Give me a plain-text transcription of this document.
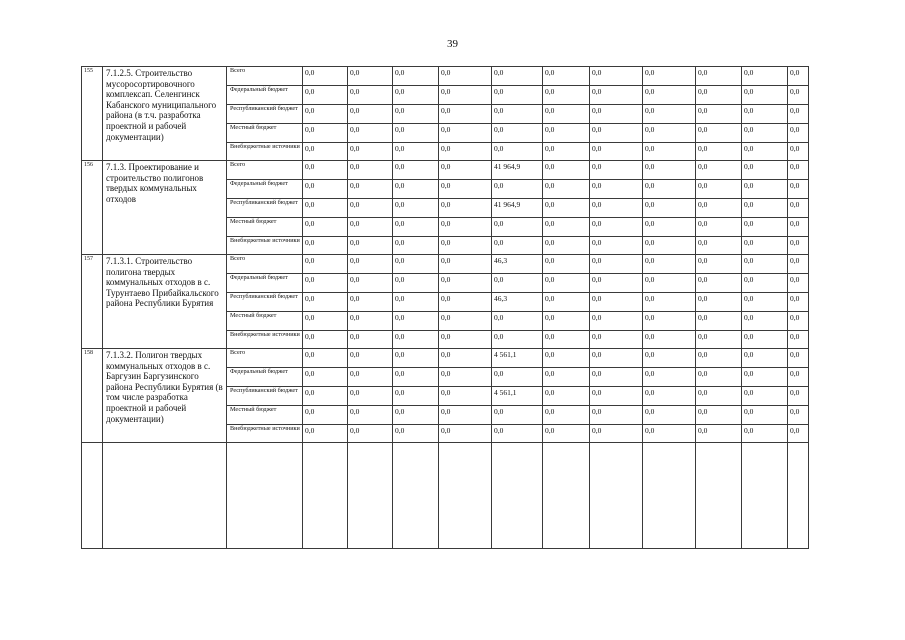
39
155	7.1.2.5. Строительство мусоросортировочного комплексап. Селенгинск Кабанского муниципального района (в т.ч. разработка проектной и рабочей документации)	Всего	0,0	0,0	0,0	0,0	0,0	0,0	0,0	0,0	0,0	0,0	0,0	
		Федеральный бюджет	0,0	0,0	0,0	0,0	0,0	0,0	0,0	0,0	0,0	0,0	0,0	
		Республиканский бюджет	0,0	0,0	0,0	0,0	0,0	0,0	0,0	0,0	0,0	0,0	0,0	
		Местный бюджет	0,0	0,0	0,0	0,0	0,0	0,0	0,0	0,0	0,0	0,0	0,0	
		Внебюджетные источники	0,0	0,0	0,0	0,0	0,0	0,0	0,0	0,0	0,0	0,0	0,0	
156	7.1.3. Проектирование и строительство полигонов твердых коммунальных отходов	Всего	0,0	0,0	0,0	0,0	41 964,9	0,0	0,0	0,0	0,0	0,0	0,0	
		Федеральный бюджет	0,0	0,0	0,0	0,0	0,0	0,0	0,0	0,0	0,0	0,0	0,0	
		Республиканский бюджет	0,0	0,0	0,0	0,0	41 964,9	0,0	0,0	0,0	0,0	0,0	0,0	
		Местный бюджет	0,0	0,0	0,0	0,0	0,0	0,0	0,0	0,0	0,0	0,0	0,0	
		Внебюджетные источники	0,0	0,0	0,0	0,0	0,0	0,0	0,0	0,0	0,0	0,0	0,0	
157	7.1.3.1. Строительство полигона твердых коммунальных отходов в с. Турунтаево Прибайкальского района Республики Бурятия	Всего	0,0	0,0	0,0	0,0	46,3	0,0	0,0	0,0	0,0	0,0	0,0	
		Федеральный бюджет	0,0	0,0	0,0	0,0	0,0	0,0	0,0	0,0	0,0	0,0	0,0	
		Республиканский бюджет	0,0	0,0	0,0	0,0	46,3	0,0	0,0	0,0	0,0	0,0	0,0	
		Местный бюджет	0,0	0,0	0,0	0,0	0,0	0,0	0,0	0,0	0,0	0,0	0,0	
		Внебюджетные источники	0,0	0,0	0,0	0,0	0,0	0,0	0,0	0,0	0,0	0,0	0,0	
158	7.1.3.2. Полигон твердых коммунальных отходов в с. Баргузин Баргузинского района Республики Бурятия (в том числе разработка проектной и рабочей документации)	Всего	0,0	0,0	0,0	0,0	4 561,1	0,0	0,0	0,0	0,0	0,0	0,0	
		Федеральный бюджет	0,0	0,0	0,0	0,0	0,0	0,0	0,0	0,0	0,0	0,0	0,0	
		Республиканский бюджет	0,0	0,0	0,0	0,0	4 561,1	0,0	0,0	0,0	0,0	0,0	0,0	
		Местный бюджет	0,0	0,0	0,0	0,0	0,0	0,0	0,0	0,0	0,0	0,0	0,0	
		Внебюджетные источники	0,0	0,0	0,0	0,0	0,0	0,0	0,0	0,0	0,0	0,0	0,0	
